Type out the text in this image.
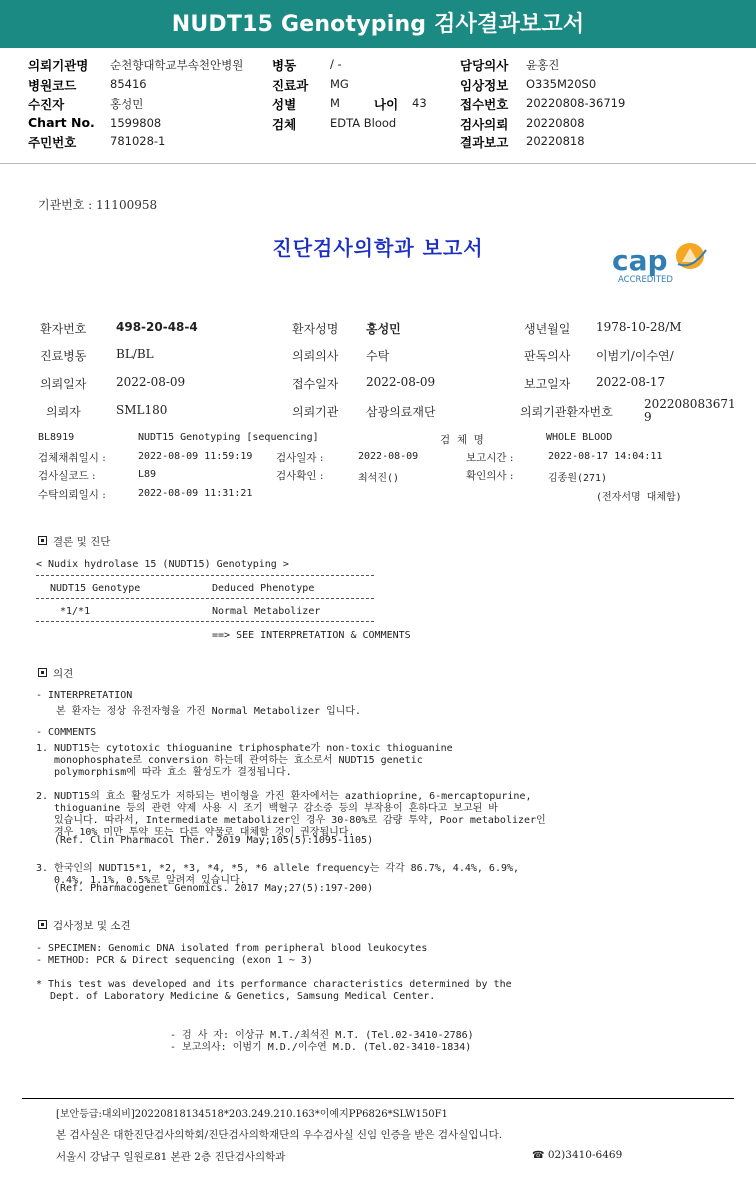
NUDT15 Genotyping 검사결과보고서
의뢰기관명 순천향대학교부속천안병원
병원코드	85416
수진자	홍성민
Chart No. 1599808
주민번호	781028-1
병동	/ -
진료과 MG
성별	M	나이 43
검체	EDTA Blood
담당의사 윤홍진
임상정보 O335M20S0
접수번호 20220808-36719
검사의뢰 20220808
결과보고 20220818
기관번호 : 11100958
진단검사의학과 보고서	cap
ACCREDITED
환자번호 498-20-48-4	환자성명 홍성민	생년월일 1978-10-28/M
진료병동 BL/BL	의뢰의사 수탁	판독의사 이범기/이수연/
의뢰일자 2022-08-09	접수일자 2022-08-09	보고일자 2022-08-17
의뢰자	SML180	의뢰기관 삼광의료재단	의뢰기관환자번호
202208083671
9
BL8919	NUDT15 Genotyping [sequencing]	검  체  명	WHOLE BLOOD
검체채취일시 :	2022-08-09 11:59:19 검사일자 :	2022-08-09	보고시간 :	2022-08-17 14:04:11
검사실코드 :	L89	검사확인 :	최석진()	확인의사 :	김종원(271)
수탁의뢰일시 :	2022-08-09 11:31:21	(전자서명 대체함)
결론 및 진단
< Nudix hydrolase 15 (NUDT15) Genotyping >
NUDT15 Genotype	Deduced Phenotype
*1/*1	Normal Metabolizer
==> SEE INTERPRETATION & COMMENTS
의견
- INTERPRETATION
본 환자는 정상 유전자형을 가진 Normal Metabolizer 입니다.
- COMMENTS
1. NUDT15는 cytotoxic thioguanine triphosphate가 non-toxic thioguanine
monophosphate로 conversion 하는데 관여하는 효소로서 NUDT15 genetic
polymorphism에 따라 효소 활성도가 결정됩니다.
2. NUDT15의 효소 활성도가 저하되는 변이형을 가진 환자에서는 azathioprine, 6-mercaptopurine,
thioguanine 등의 관련 약제 사용 시 조기 백혈구 감소증 등의 부작용이 흔하다고 보고된 바
있습니다. 따라서, Intermediate metabolizer인 경우 30-80%로 감량 투약, Poor metabolizer인
경우 10% 미만 투약 또는 다른 약물로 대체할 것이 권장됩니다.
(Ref. Clin Pharmacol Ther. 2019 May;105(5):1095-1105)
3. 한국인의 NUDT15*1, *2, *3, *4, *5, *6 allele frequency는 각각 86.7%, 4.4%, 6.9%,
0.4%, 1.1%, 0.5%로 알려져 있습니다.
(Ref. Pharmacogenet Genomics. 2017 May;27(5):197-200)
검사정보 및 소견
- SPECIMEN: Genomic DNA isolated from peripheral blood leukocytes
- METHOD: PCR & Direct sequencing (exon 1 ~ 3)
* This test was developed and its performance characteristics determined by the
Dept. of Laboratory Medicine & Genetics, Samsung Medical Center.
- 검 사 자: 이상규 M.T./최석진 M.T. (Tel.02-3410-2786)
- 보고의사: 이범기 M.D./이수연 M.D. (Tel.02-3410-1834)
[보안등급:대외비]20220818134518*203.249.210.163*이예지PP6826*SLW150F1
본 검사실은 대한진단검사의학회/진단검사의학재단의 우수검사실 신임 인증을 받은 검사실입니다.
서울시 강남구 일원로81 본관 2층 진단검사의학과	☎ 02)3410-6469
